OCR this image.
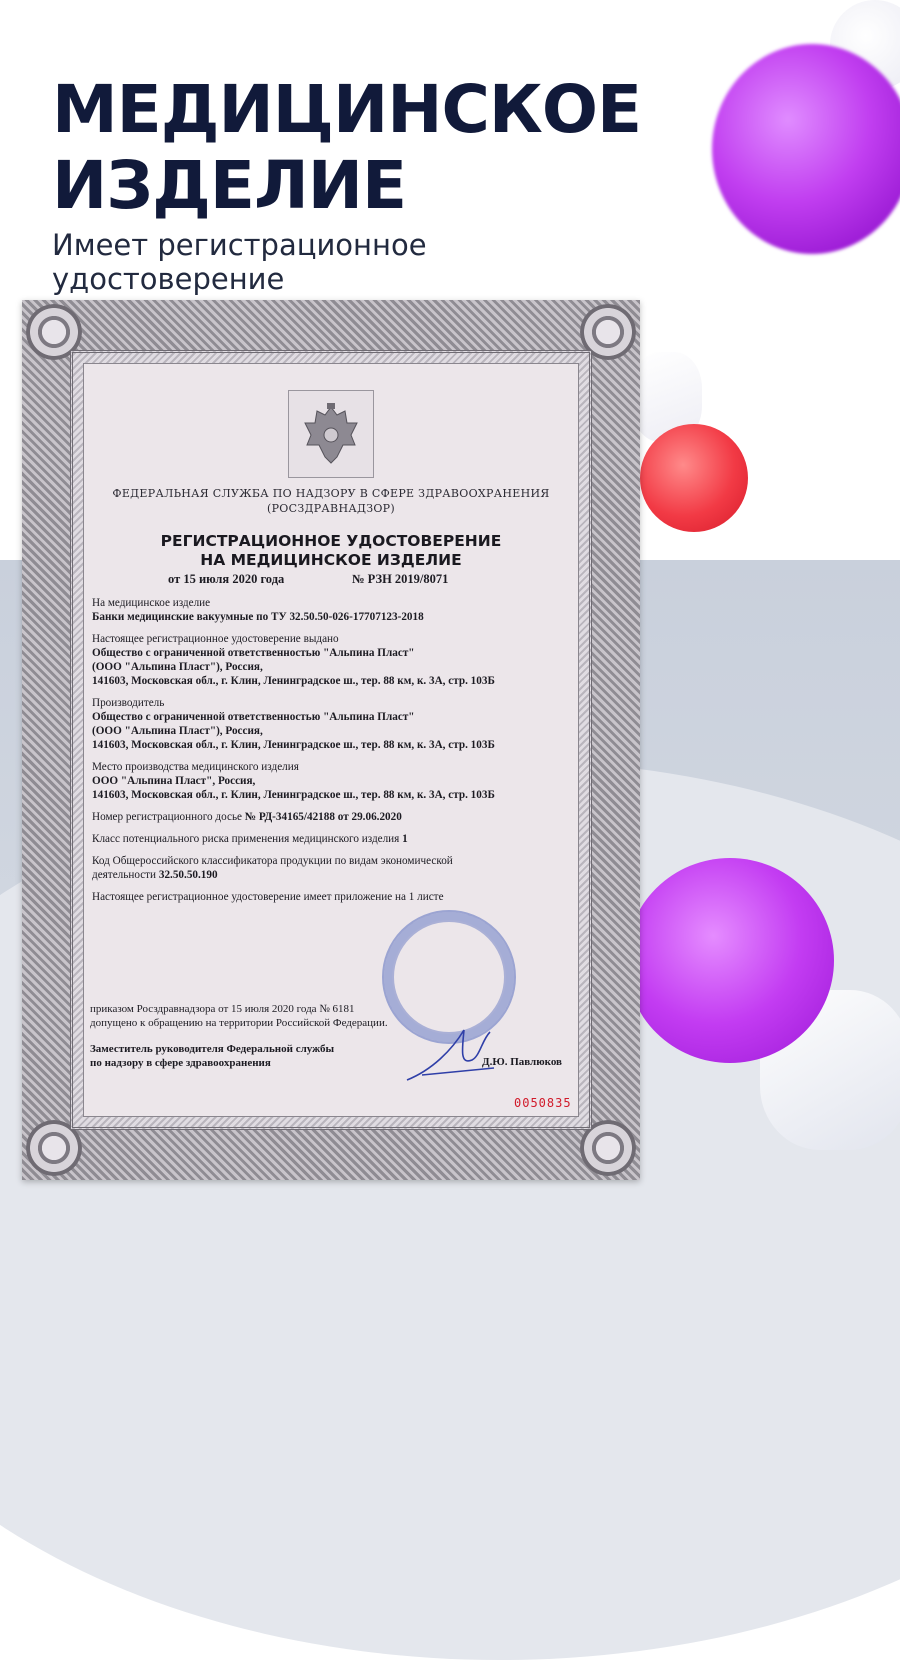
МЕДИЦИНСКОЕ
ИЗДЕЛИЕ

Имеет регистрационное
удостоверение

ФЕДЕРАЛЬНАЯ СЛУЖБА ПО НАДЗОРУ В СФЕРЕ ЗДРАВООХРАНЕНИЯ
(РОСЗДРАВНАДЗОР)
РЕГИСТРАЦИОННОЕ УДОСТОВЕРЕНИЕ
НА МЕДИЦИНСКОЕ ИЗДЕЛИЕ
от 15 июля 2020 года	№ РЗН 2019/8071

На медицинское изделие
Банки медицинские вакуумные по ТУ 32.50.50-026-17707123-2018

Настоящее регистрационное удостоверение выдано
Общество с ограниченной ответственностью "Альпина Пласт"
(ООО "Альпина Пласт"), Россия,
141603, Московская обл., г. Клин, Ленинградское ш., тер. 88 км, к. 3А, стр. 103Б

Производитель
Общество с ограниченной ответственностью "Альпина Пласт"
(ООО "Альпина Пласт"), Россия,
141603, Московская обл., г. Клин, Ленинградское ш., тер. 88 км, к. 3А, стр. 103Б

Место производства медицинского изделия
ООО "Альпина Пласт", Россия,
141603, Московская обл., г. Клин, Ленинградское ш., тер. 88 км, к. 3А, стр. 103Б

Номер регистрационного досье № РД-34165/42188 от 29.06.2020

Класс потенциального риска применения медицинского изделия 1

Код Общероссийского классификатора продукции по видам экономической
деятельности 32.50.50.190

Настоящее регистрационное удостоверение имеет приложение на 1 листе

приказом Росздравнадзора от 15 июля 2020 года № 6181
допущено к обращению на территории Российской Федерации.
Заместитель руководителя Федеральной службы
по надзору в сфере здравоохранения	Д.Ю. Павлюков
0050835
